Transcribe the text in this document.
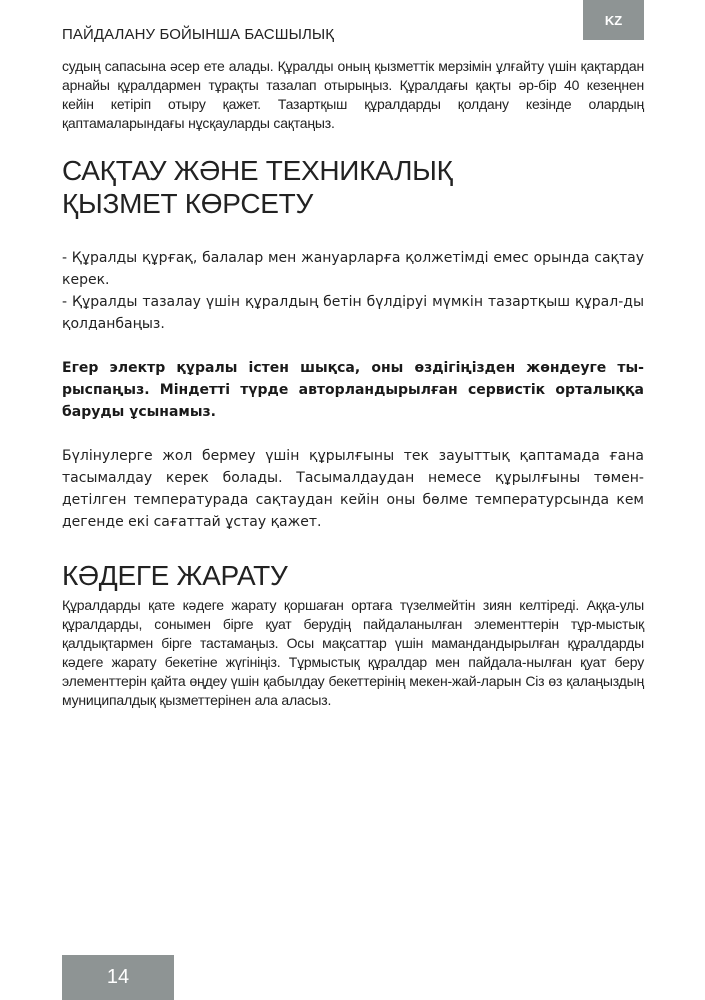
ПАЙДАЛАНУ БОЙЫНША БАСШЫЛЫҚ
KZ

судың сапасына әсер ете алады. Құралды оның қызметтік мерзімін ұлғайту үшін қақтардан арнайы құралдармен тұрақты тазалап отырыңыз. Құралдағы қақты әр-бір 40 кезеңнен кейін кетіріп отыру қажет. Тазартқыш құралдарды қолдану кезінде олардың қаптамаларындағы нұсқауларды сақтаңыз.

САҚТАУ ЖӘНЕ ТЕХНИКАЛЫҚ
ҚЫЗМЕТ КӨРСЕТУ

- Құралды құрғақ, балалар мен жануарларға қолжетімді емес орында сақтау керек.

- Құралды тазалау үшін құралдың бетін бүлдіруі мүмкін тазартқыш құрал-ды қолданбаңыз.

Егер электр құралы істен шықса, оны өздігіңізден жөндеуге ты-рыспаңыз. Міндетті түрде авторландырылған сервистік орталыққа баруды ұсынамыз.

Бүлінулерге жол бермеу үшін құрылғыны тек зауыттық қаптамада ғана тасымалдау керек болады. Тасымалдаудан немесе құрылғыны төмен-детілген температурада сақтаудан кейін оны бөлме температурсында кем дегенде екі сағаттай ұстау қажет.

КӘДЕГЕ ЖАРАТУ

Құралдарды қате кәдеге жарату қоршаған ортаға түзелмейтін зиян келтіреді. Аққа-улы құралдарды, сонымен бірге қуат берудің пайдаланылған элементтерін тұр-мыстық қалдықтармен бірге тастамаңыз. Осы мақсаттар үшін мамандандырылған құралдарды кәдеге жарату бекетіне жүгініңіз. Тұрмыстық құралдар мен пайдала-нылған қуат беру элементтерін қайта өңдеу үшін қабылдау бекеттерінің мекен-жай-ларын Сіз өз қалаңыздың муниципалдық қызметтерінен ала аласыз.

14
